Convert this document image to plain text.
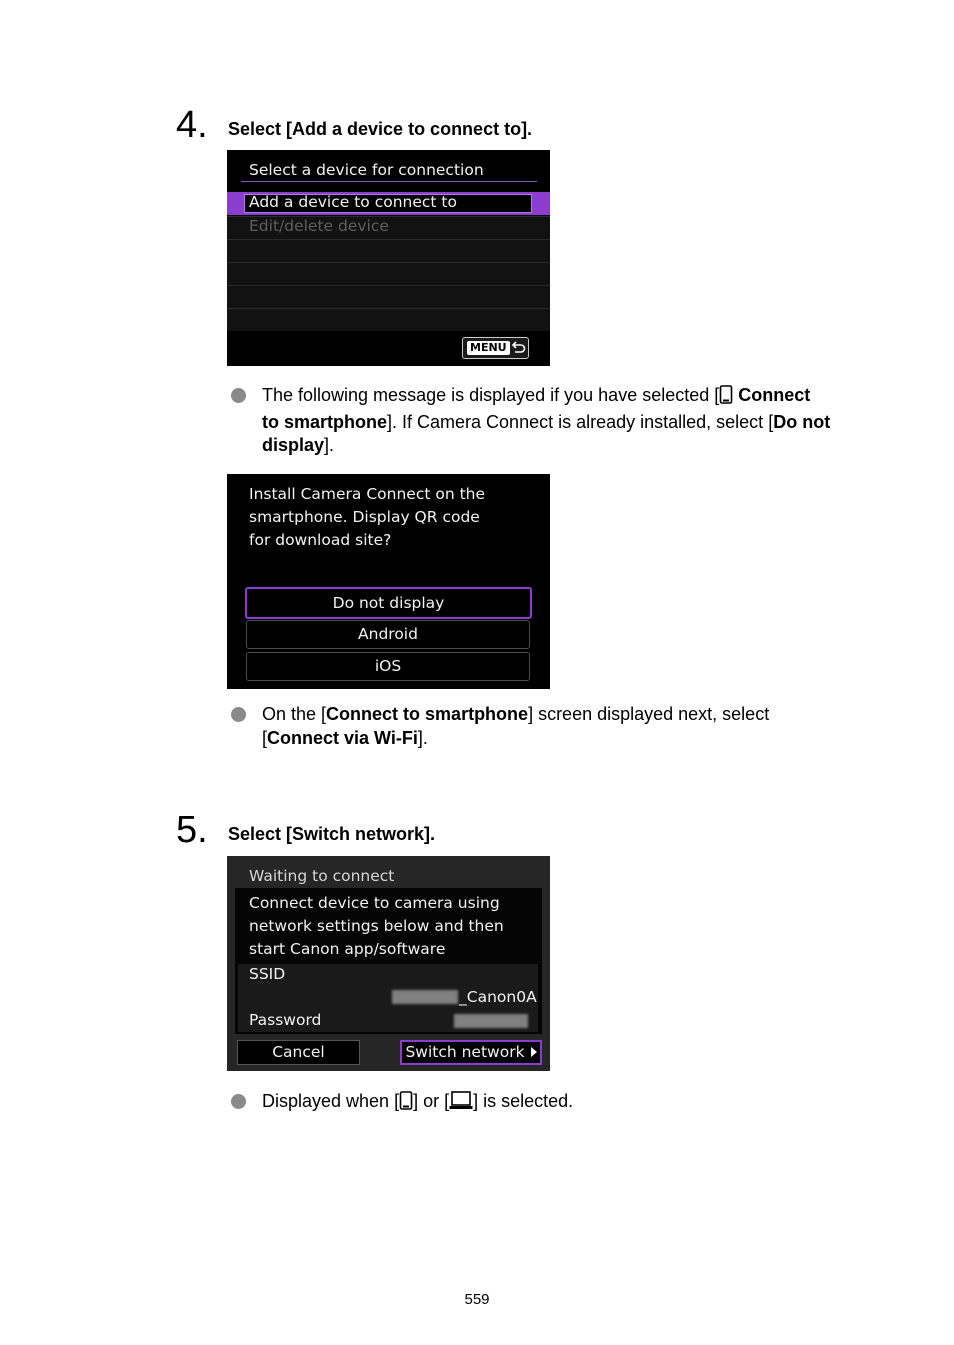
4. Select [Add a device to connect to].
Select a device for connection
Add a device to connect to
Edit/delete device
MENU
The following message is displayed if you have selected [ Connect
to smartphone]. If Camera Connect is already installed, select [Do not
display].
Install Camera Connect on the
smartphone. Display QR code
for download site?
Do not display
Android
iOS
On the [Connect to smartphone] screen displayed next, select
[Connect via Wi-Fi].
5. Select [Switch network].
Waiting to connect
Connect device to camera using
network settings below and then
start Canon app/software
SSID
_Canon0A
Password
Cancel	Switch network
Displayed when [ ] or [ ] is selected.
559
